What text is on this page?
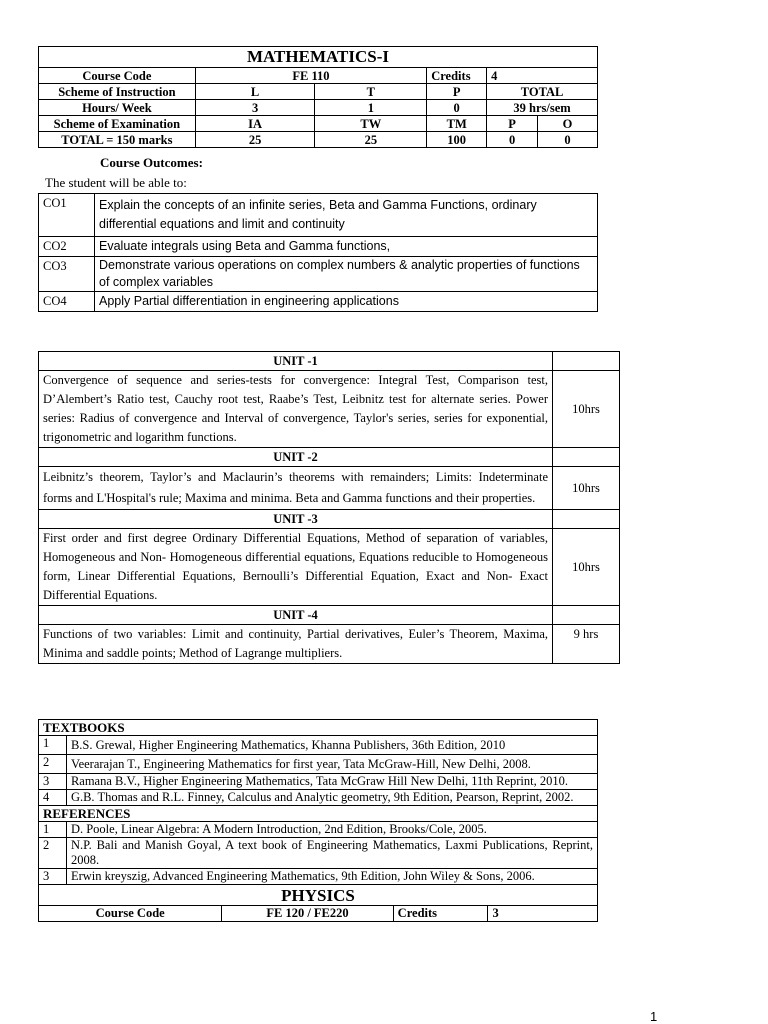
MATHEMATICS-I					
Course Code	FE 110		Credits	4	
Scheme of Instruction	L	T	P	TOTAL	
Hours/ Week	3	1	0	39 hrs/sem	
Scheme of Examination	IA	TW	TM	P	O
TOTAL = 150 marks	25	25	100	0	0
Course Outcomes:
The student will be able to:
CO1	Explain the concepts of an infinite series, Beta and Gamma Functions, ordinary differential equations and limit and continuity
CO2	Evaluate integrals using Beta and Gamma functions,
CO3	Demonstrate various operations on complex numbers & analytic properties of functions of complex variables
CO4	Apply Partial differentiation in engineering applications
UNIT -1	
Convergence of sequence and series-tests for convergence: Integral Test, Comparison test, D’Alembert’s Ratio test, Cauchy root test, Raabe’s Test, Leibnitz test for alternate series. Power series: Radius of convergence and Interval of convergence, Taylor's series, series for exponential, trigonometric and logarithm functions.	10hrs
UNIT -2	
Leibnitz’s theorem, Taylor’s and Maclaurin’s theorems with remainders; Limits: Indeterminate forms and L'Hospital's rule; Maxima and minima. Beta and Gamma functions and their properties.	10hrs
UNIT -3	
First order and first degree Ordinary Differential Equations, Method of separation of variables, Homogeneous and Non- Homogeneous differential equations, Equations reducible to Homogeneous form, Linear Differential Equations, Bernoulli’s Differential Equation, Exact and Non- Exact Differential Equations.	10hrs
UNIT -4	
Functions of two variables: Limit and continuity, Partial derivatives, Euler’s Theorem, Maxima, Minima and saddle points; Method of Lagrange multipliers.	9 hrs
TEXTBOOKS				
1	B.S. Grewal, Higher Engineering Mathematics, Khanna Publishers, 36th Edition, 2010			
2	Veerarajan T., Engineering Mathematics for first year, Tata McGraw-Hill, New Delhi, 2008.			
3	Ramana B.V., Higher Engineering Mathematics, Tata McGraw Hill New Delhi, 11th Reprint, 2010.			
4	G.B. Thomas and R.L. Finney, Calculus and Analytic geometry, 9th Edition, Pearson, Reprint, 2002.			
REFERENCES				
1	D. Poole, Linear Algebra: A Modern Introduction, 2nd Edition, Brooks/Cole, 2005.			
2	N.P. Bali and Manish Goyal, A text book of Engineering Mathematics, Laxmi Publications, Reprint, 2008.			
3	Erwin kreyszig, Advanced Engineering Mathematics, 9th Edition, John Wiley & Sons, 2006.			
PHYSICS				
Course Code		FE 120 / FE220	Credits	3
1
